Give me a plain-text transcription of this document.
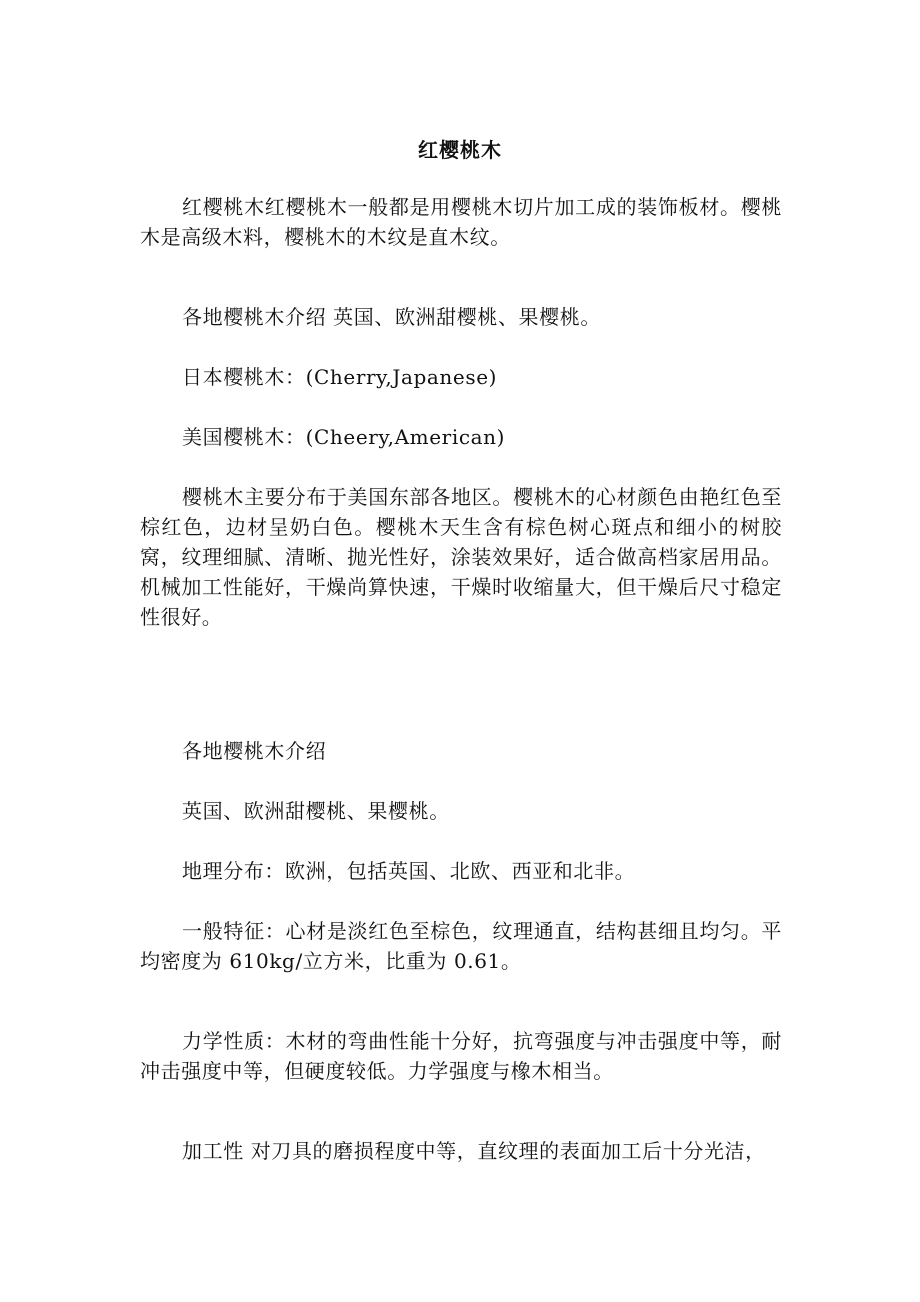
红樱桃木

红樱桃木红樱桃木一般都是用樱桃木切片加工成的装饰板材。樱桃木是高级木料，樱桃木的木纹是直木纹。

各地樱桃木介绍 英国、欧洲甜樱桃、果樱桃。

日本樱桃木：(Cherry,Japanese)

美国樱桃木：(Cheery,American)

樱桃木主要分布于美国东部各地区。樱桃木的心材颜色由艳红色至棕红色，边材呈奶白色。樱桃木天生含有棕色树心斑点和细小的树胶窝，纹理细腻、清晰、抛光性好，涂装效果好，适合做高档家居用品。机械加工性能好，干燥尚算快速，干燥时收缩量大，但干燥后尺寸稳定性很好。

各地樱桃木介绍

英国、欧洲甜樱桃、果樱桃。

地理分布：欧洲，包括英国、北欧、西亚和北非。

一般特征：心材是淡红色至棕色，纹理通直，结构甚细且均匀。平均密度为 610kg/立方米，比重为 0.61。

力学性质：木材的弯曲性能十分好，抗弯强度与冲击强度中等，耐冲击强度中等，但硬度较低。力学强度与橡木相当。

加工性 对刀具的磨损程度中等，直纹理的表面加工后十分光洁，
